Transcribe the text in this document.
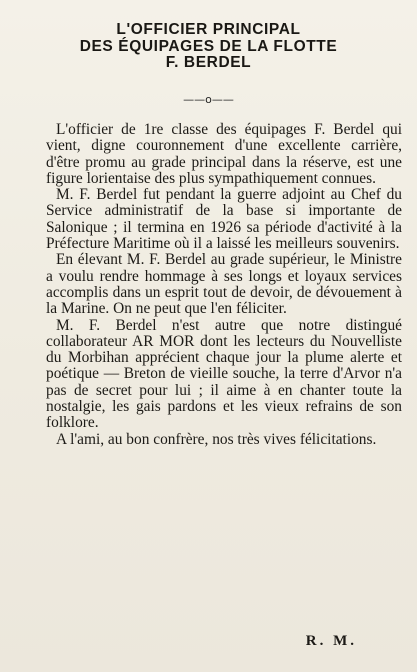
L'OFFICIER PRINCIPAL
DES ÉQUIPAGES DE LA FLOTTE
F. BERDEL
——o——

L'officier de 1re classe des équipages F. Berdel qui vient, digne couronnement d'une excellente carrière, d'être promu au grade principal dans la réserve, est une figure lorientaise des plus sympathiquement connues.

M. F. Berdel fut pendant la guerre adjoint au Chef du Service administratif de la base si importante de Salonique ; il termina en 1926 sa période d'activité à la Préfecture Maritime où il a laissé les meilleurs souvenirs.

En élevant M. F. Berdel au grade supérieur, le Ministre a voulu rendre hommage à ses longs et loyaux services accomplis dans un esprit tout de devoir, de dévouement à la Marine. On ne peut que l'en féliciter.

M. F. Berdel n'est autre que notre distingué collaborateur AR MOR dont les lecteurs du Nouvelliste du Morbihan apprécient chaque jour la plume alerte et poétique — Breton de vieille souche, la terre d'Arvor n'a pas de secret pour lui ; il aime à en chanter toute la nostalgie, les gais pardons et les vieux refrains de son folklore.

A l'ami, au bon confrère, nos très vives félicitations.

R. M.
